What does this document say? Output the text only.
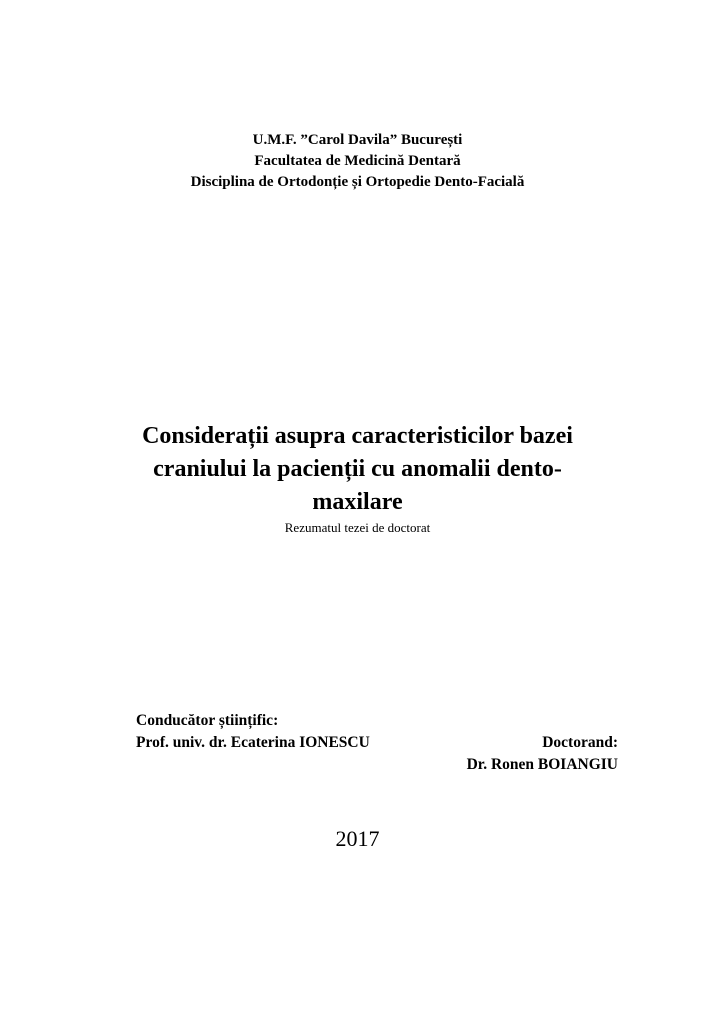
U.M.F. ”Carol Davila” București
Facultatea de Medicină Dentară
Disciplina de Ortodonție și Ortopedie Dento-Facială
Considerații asupra caracteristicilor bazei
craniului la pacienții cu anomalii dento-
maxilare
Rezumatul tezei de doctorat
Conducător științific:
Prof. univ. dr. Ecaterina IONESCU	Doctorand:
Dr. Ronen BOIANGIU
2017
